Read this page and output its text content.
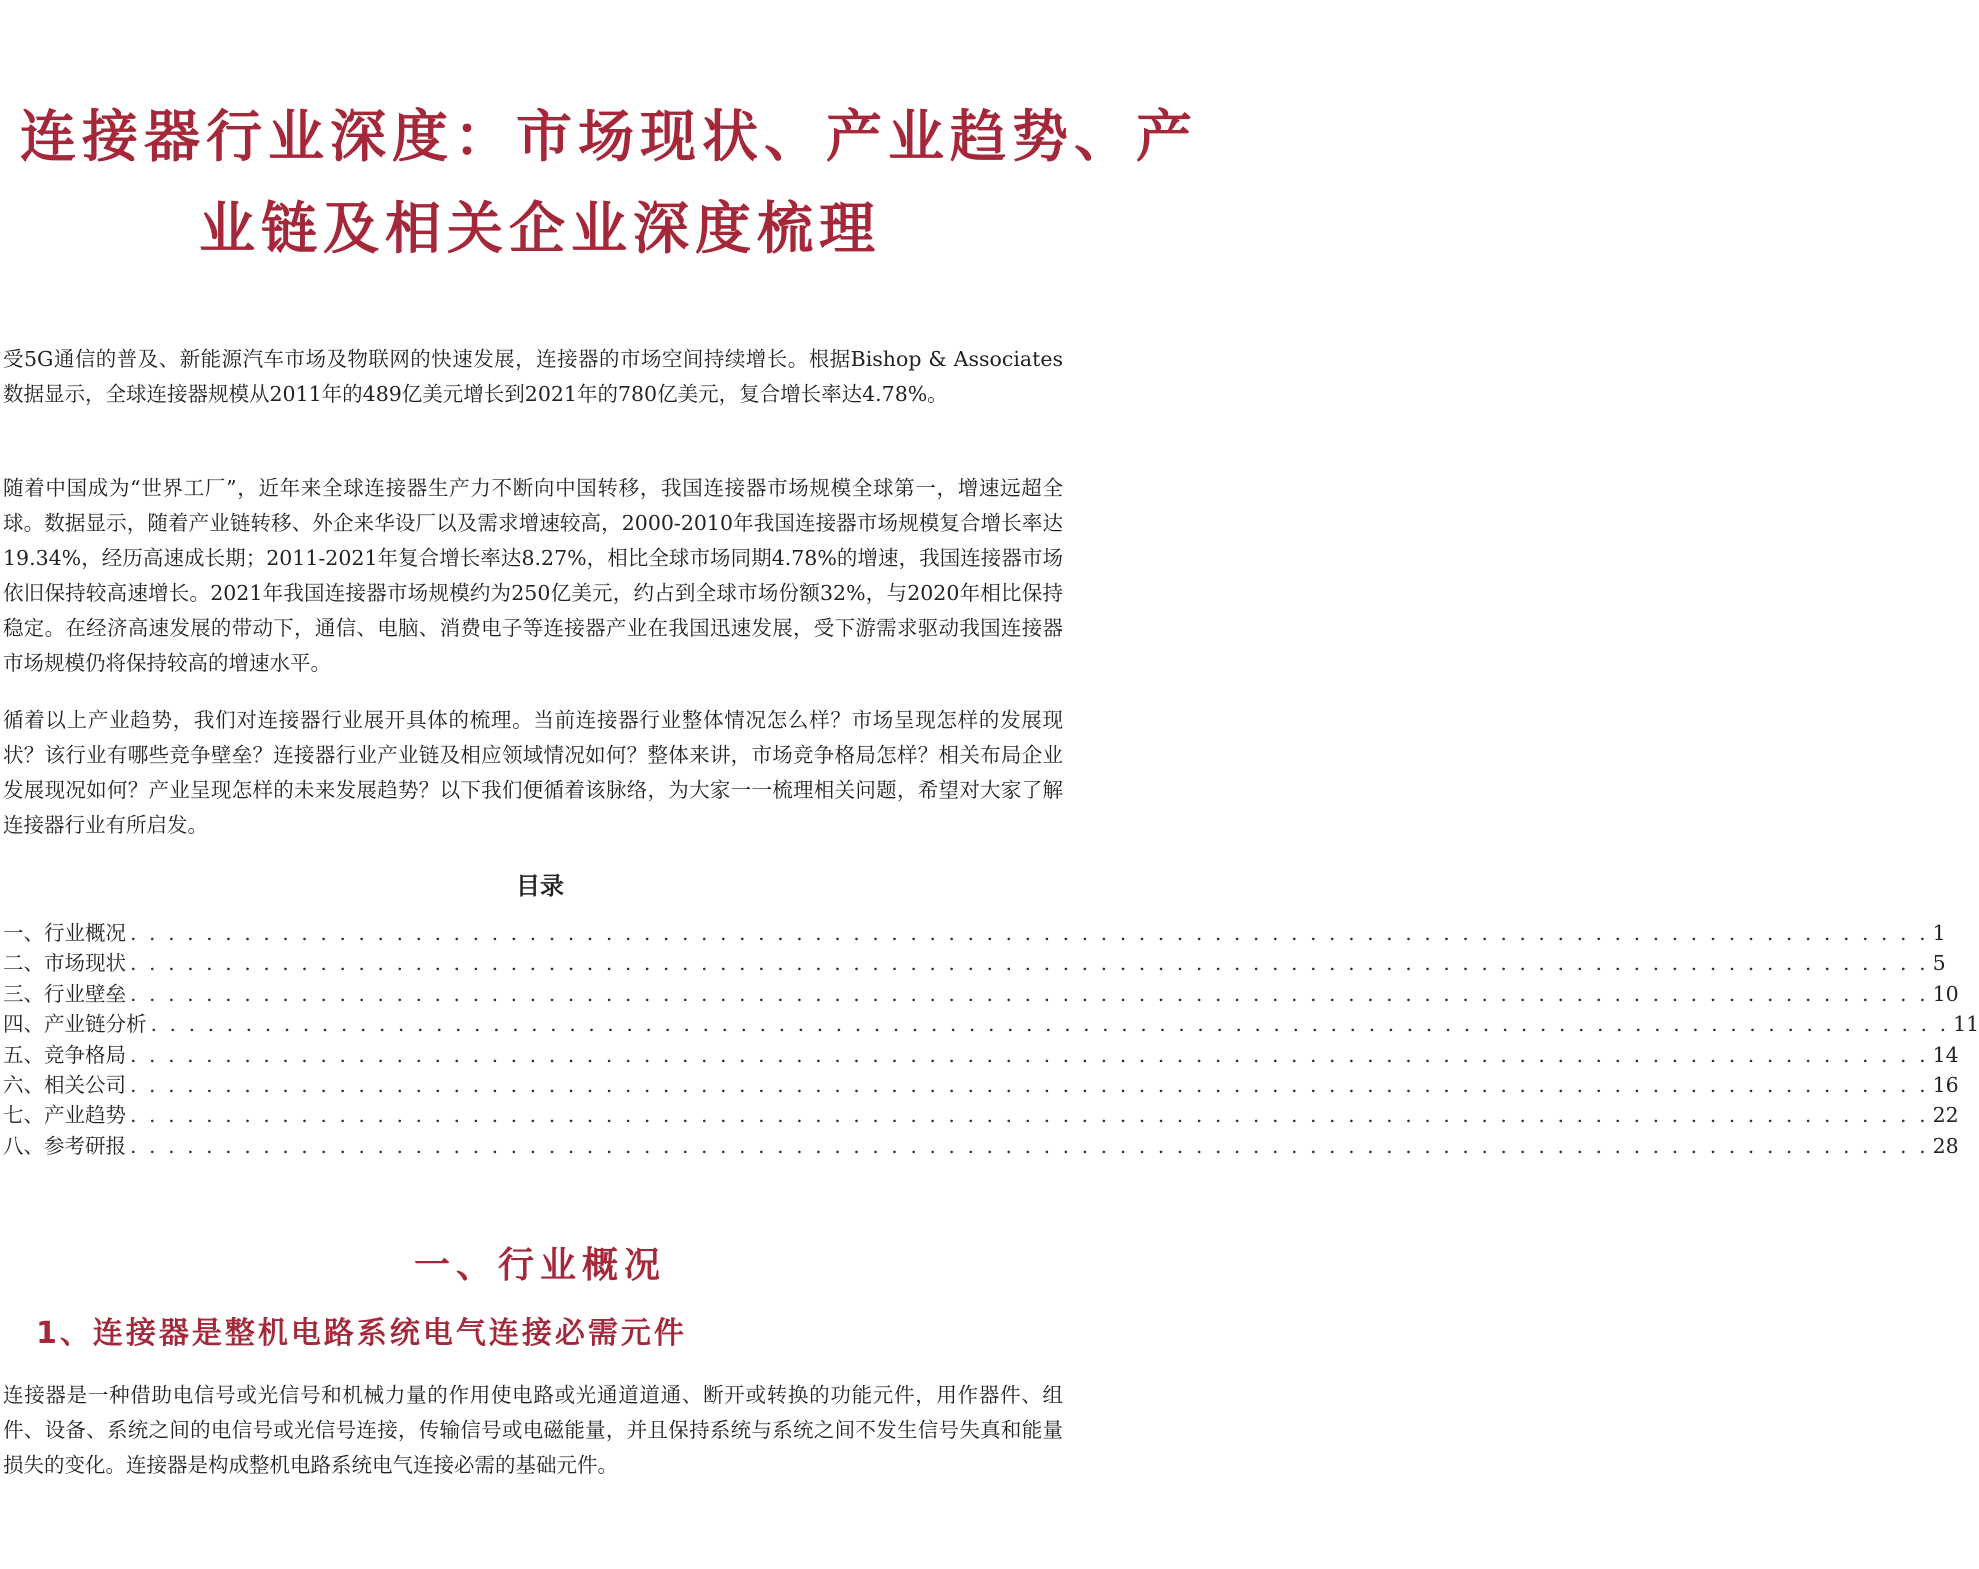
连接器行业深度：市场现状、产业趋势、产
业链及相关企业深度梳理

受5G通信的普及、新能源汽车市场及物联网的快速发展，连接器的市场空间持续增长。根据Bishop & Associates数据显示，全球连接器规模从2011年的489亿美元增长到2021年的780亿美元，复合增长率达4.78%。

随着中国成为“世界工厂”，近年来全球连接器生产力不断向中国转移，我国连接器市场规模全球第一，增速远超全球。数据显示，随着产业链转移、外企来华设厂以及需求增速较高，2000-2010年我国连接器市场规模复合增长率达19.34%，经历高速成长期；2011-2021年复合增长率达8.27%，相比全球市场同期4.78%的增速，我国连接器市场依旧保持较高速增长。2021年我国连接器市场规模约为250亿美元，约占到全球市场份额32%，与2020年相比保持稳定。在经济高速发展的带动下，通信、电脑、消费电子等连接器产业在我国迅速发展，受下游需求驱动我国连接器市场规模仍将保持较高的增速水平。

循着以上产业趋势，我们对连接器行业展开具体的梳理。当前连接器行业整体情况怎么样？市场呈现怎样的发展现状？该行业有哪些竞争壁垒？连接器行业产业链及相应领域情况如何？整体来讲，市场竞争格局怎样？相关布局企业发展现况如何？产业呈现怎样的未来发展趋势？以下我们便循着该脉络，为大家一一梳理相关问题，希望对大家了解连接器行业有所启发。

目录
一、行业概况 . . .	1
二、市场现状 . . .	5
三、行业壁垒 . . .	10
四、产业链分析 . . .	11
五、竞争格局 . . .	14
六、相关公司 . . .	16
七、产业趋势 . . .	22
八、参考研报 . . .	28
一、行业概况
1、连接器是整机电路系统电气连接必需元件

连接器是一种借助电信号或光信号和机械力量的作用使电路或光通道道通、断开或转换的功能元件，用作器件、组件、设备、系统之间的电信号或光信号连接，传输信号或电磁能量，并且保持系统与系统之间不发生信号失真和能量损失的变化。连接器是构成整机电路系统电气连接必需的基础元件。
